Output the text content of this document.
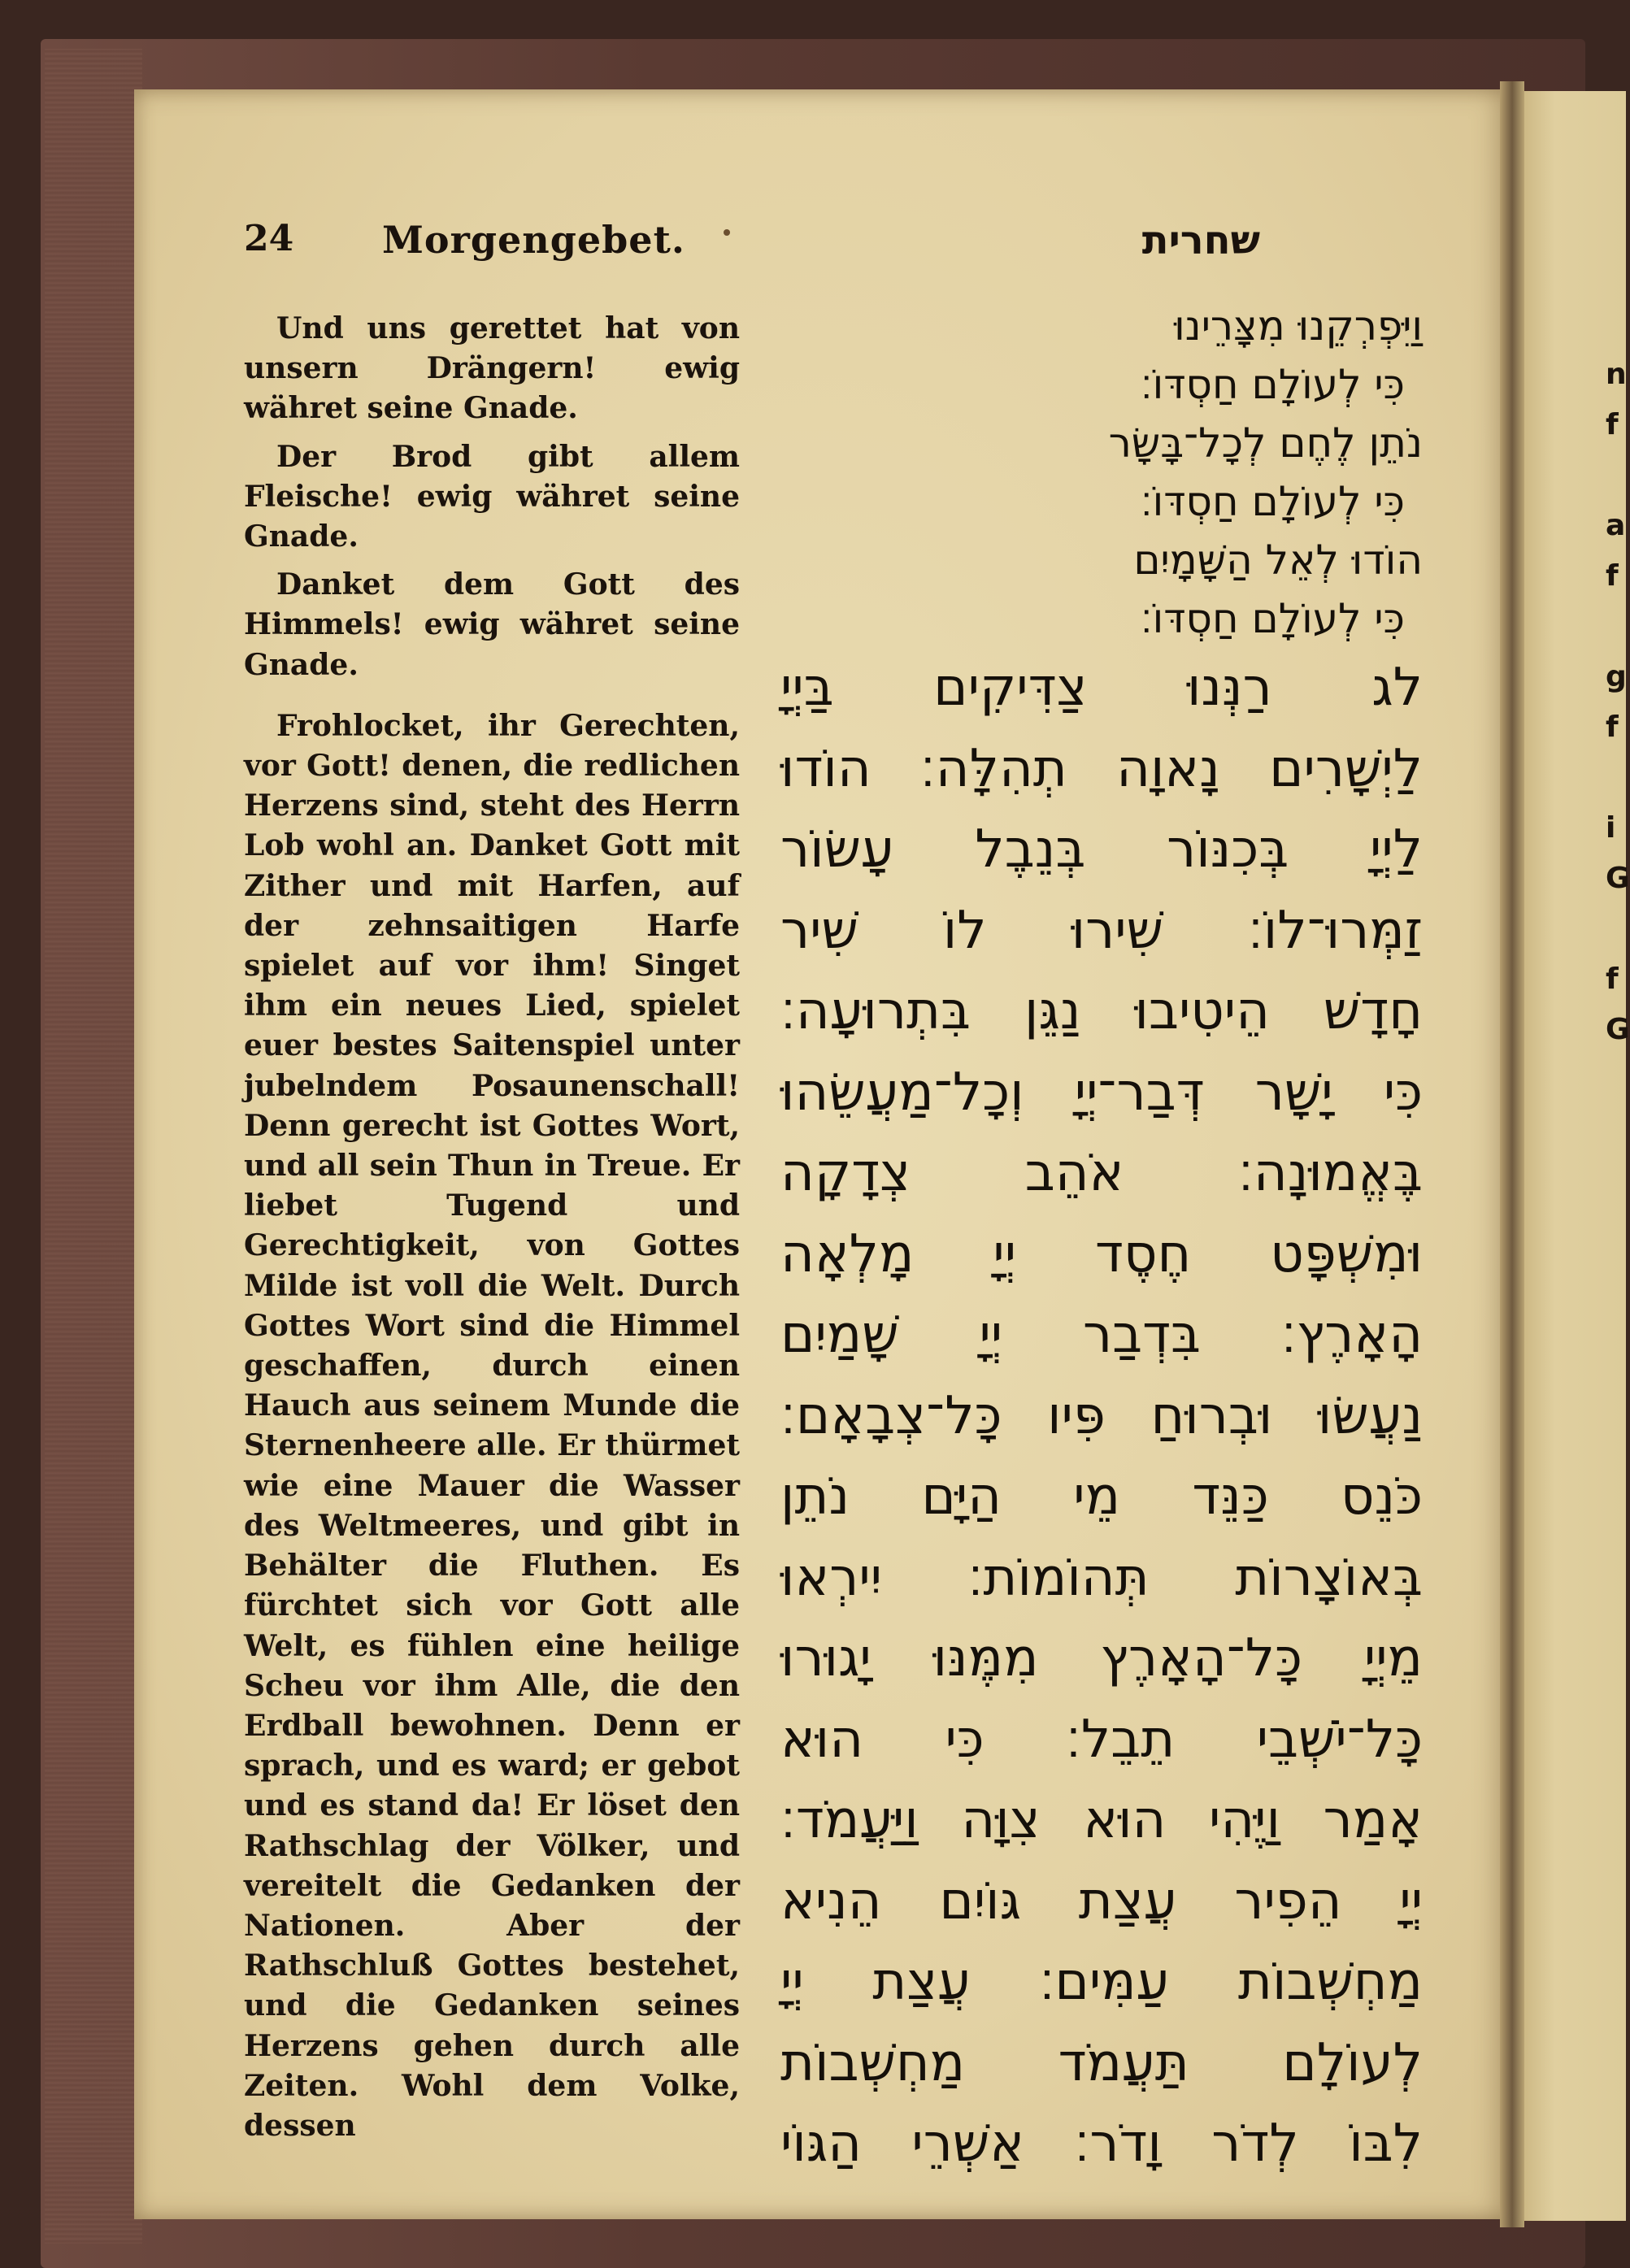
n
f

a
f

g
f

i
G

f
G
24 Morgengebet.	שחרית

Und uns gerettet hat von unsern Drängern! ewig währet seine Gnade.

Der Brod gibt allem Fleische! ewig währet seine Gnade.

Danket dem Gott des Himmels! ewig währet seine Gnade.

Frohlocket, ihr Gerechten, vor Gott! denen, die redlichen Herzens sind, steht des Herrn Lob wohl an. Danket Gott mit Zither und mit Harfen, auf der zehnsaitigen Harfe spielet auf vor ihm! Singet ihm ein neues Lied, spielet euer bestes Saitenspiel unter jubelndem Posaunenschall! Denn gerecht ist Gottes Wort, und all sein Thun in Treue. Er liebet Tugend und Gerechtigkeit, von Gottes Milde ist voll die Welt. Durch Gottes Wort sind die Himmel geschaffen, durch einen Hauch aus seinem Munde die Sternenheere alle. Er thürmet wie eine Mauer die Wasser des Weltmeeres, und gibt in Behälter die Fluthen. Es fürchtet sich vor Gott alle Welt, es fühlen eine heilige Scheu vor ihm Alle, die den Erdball bewohnen. Denn er sprach, und es ward; er gebot und es stand da! Er löset den Rathschlag der Völker, und vereitelt die Gedanken der Nationen. Aber der Rathschluß Gottes bestehet, und die Gedanken seines Herzens gehen durch alle Zeiten. Wohl dem Volke, dessen

וַיִּפְרְקֵנוּ מִצָּרֵינוּ
כִּי לְעוֹלָם חַסְדּוֹ׃
נֹתֵן לֶחֶם לְכָל־בָּשָׂר
כִּי לְעוֹלָם חַסְדּוֹ׃
הוֹדוּ לְאֵל הַשָּׁמָיִם
כִּי לְעוֹלָם חַסְדּוֹ׃
לג רַנְּנוּ צַדִּיקִים בַּיְיָ
לַיְשָׁרִים נָאוָה תְהִלָּה׃ הוֹדוּ
לַיְיָ בְּכִנּוֹר בְּנֵבֶל עָשׂוֹר
זַמְּרוּ־לוֹ׃ שִׁירוּ לוֹ שִׁיר
חָדָשׁ הֵיטִיבוּ נַגֵּן בִּתְרוּעָה׃
כִּי יָשָׁר דְּבַר־יְיָ וְכָל־מַעֲשֵׂהוּ
בֶּאֱמוּנָה׃ אֹהֵב צְדָקָה
וּמִשְׁפָּט חֶסֶד יְיָ מָלְאָה
הָאָרֶץ׃ בִּדְבַר יְיָ שָׁמַיִם
נַעֲשׂוּ וּבְרוּחַ פִּיו כָּל־צְבָאָם׃
כֹּנֵס כַּנֵּד מֵי הַיָּם נֹתֵן
בְּאוֹצָרוֹת תְּהוֹמוֹת׃ יִירְאוּ
מֵיְיָ כָּל־הָאָרֶץ מִמֶּנּוּ יָגוּרוּ
כָּל־יֹשְׁבֵי תֵבֵל׃ כִּי הוּא
אָמַר וַיֶּהִי הוּא צִוָּה וַיַּעֲמֹד׃
יְיָ הֵפִיר עֲצַת גּוֹיִם הֵנִיא
מַחְשְׁבוֹת עַמִּים׃ עֲצַת יְיָ
לְעוֹלָם תַּעֲמֹד מַחְשְׁבוֹת
לִבּוֹ לְדֹר וָדֹר׃ אַשְׁרֵי הַגּוֹי
